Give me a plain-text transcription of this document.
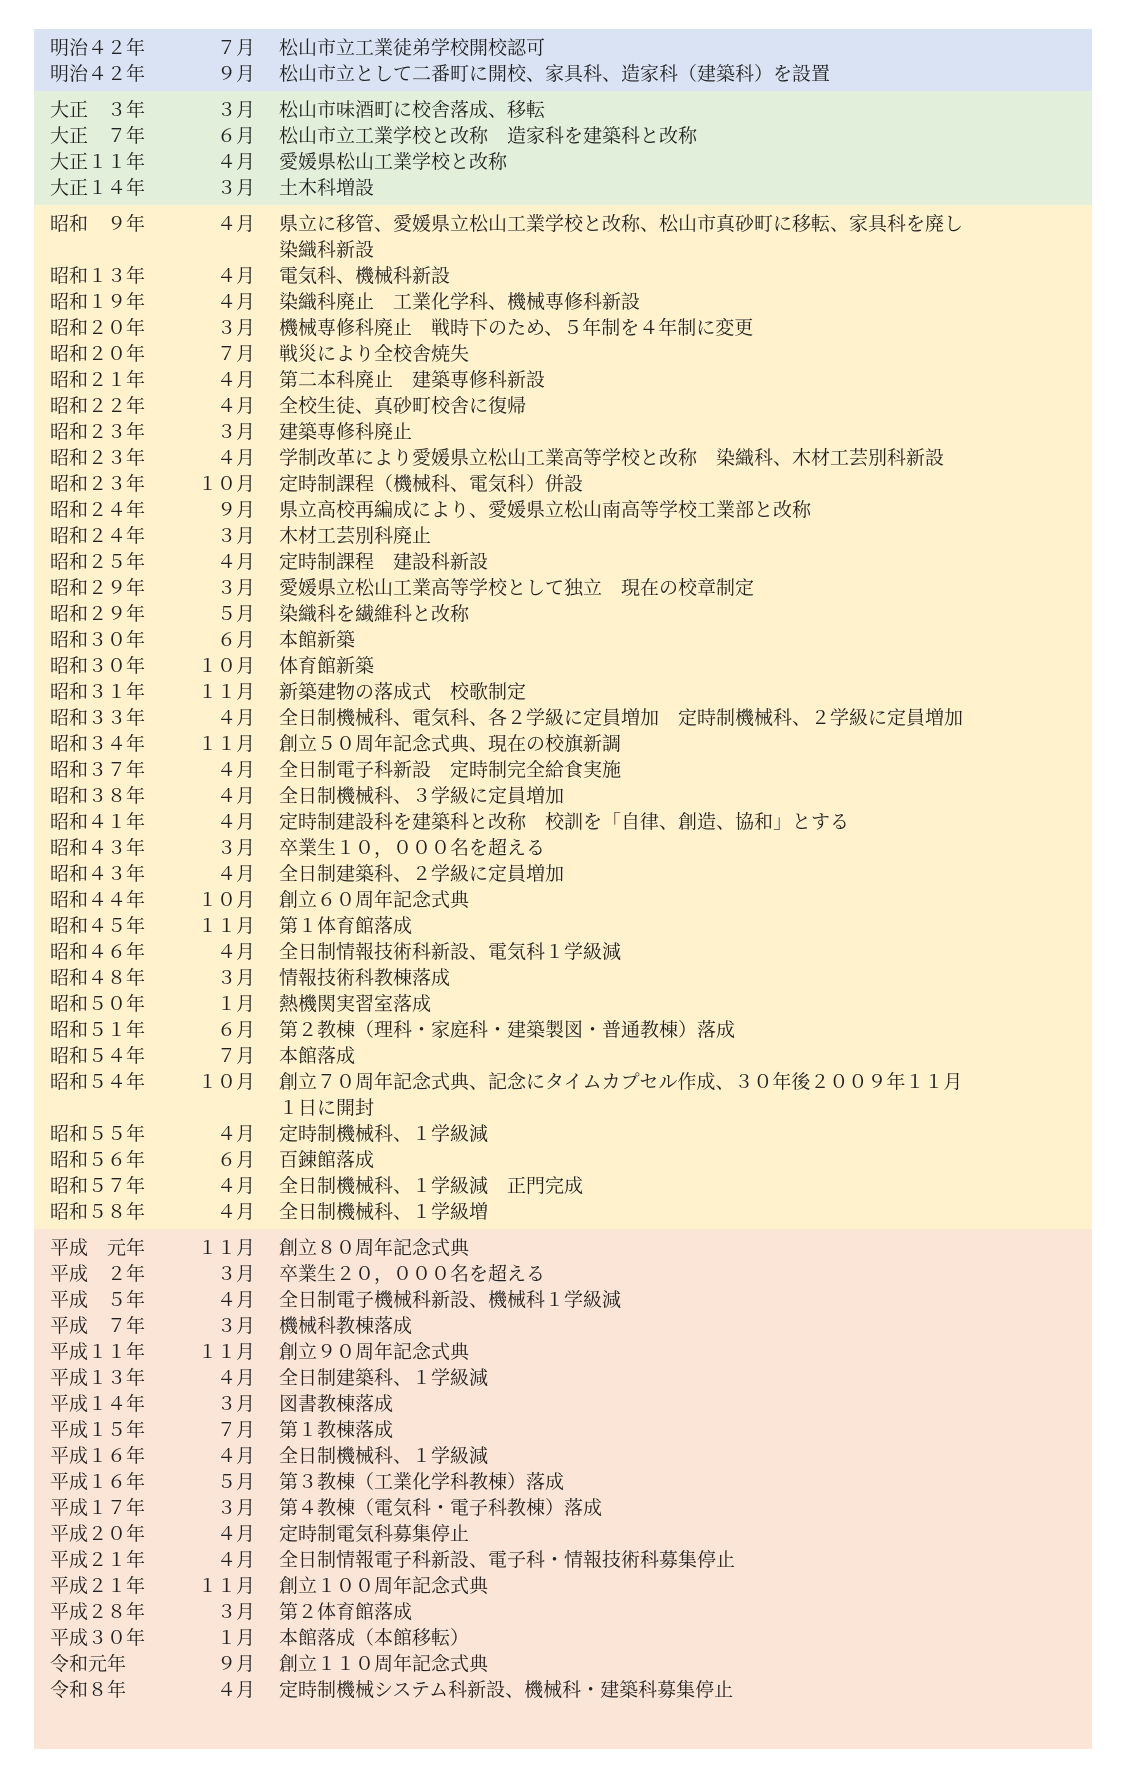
明治４２年	７月	松山市立工業徒弟学校開校認可
明治４２年	９月	松山市立として二番町に開校、家具科、造家科（建築科）を設置
大正　３年	３月	松山市味酒町に校舎落成、移転
大正　７年	６月	松山市立工業学校と改称　造家科を建築科と改称
大正１１年	４月	愛媛県松山工業学校と改称
大正１４年	３月	土木科増設
昭和　９年	４月	県立に移管、愛媛県立松山工業学校と改称、松山市真砂町に移転、家具科を廃し
染織科新設
昭和１３年	４月	電気科、機械科新設
昭和１９年	４月	染織科廃止　工業化学科、機械専修科新設
昭和２０年	３月	機械専修科廃止　戦時下のため、５年制を４年制に変更
昭和２０年	７月	戦災により全校舎焼失
昭和２１年	４月	第二本科廃止　建築専修科新設
昭和２２年	４月	全校生徒、真砂町校舎に復帰
昭和２３年	３月	建築専修科廃止
昭和２３年	４月	学制改革により愛媛県立松山工業高等学校と改称　染織科、木材工芸別科新設
昭和２３年	１０月	定時制課程（機械科、電気科）併設
昭和２４年	９月	県立高校再編成により、愛媛県立松山南高等学校工業部と改称
昭和２４年	３月	木材工芸別科廃止
昭和２５年	４月	定時制課程　建設科新設
昭和２９年	３月	愛媛県立松山工業高等学校として独立　現在の校章制定
昭和２９年	５月	染織科を繊維科と改称
昭和３０年	６月	本館新築
昭和３０年	１０月	体育館新築
昭和３１年	１１月	新築建物の落成式　校歌制定
昭和３３年	４月	全日制機械科、電気科、各２学級に定員増加　定時制機械科、２学級に定員増加
昭和３４年	１１月	創立５０周年記念式典、現在の校旗新調
昭和３７年	４月	全日制電子科新設　定時制完全給食実施
昭和３８年	４月	全日制機械科、３学級に定員増加
昭和４１年	４月	定時制建設科を建築科と改称　校訓を「自律、創造、協和」とする
昭和４３年	３月	卒業生１０，０００名を超える
昭和４３年	４月	全日制建築科、２学級に定員増加
昭和４４年	１０月	創立６０周年記念式典
昭和４５年	１１月	第１体育館落成
昭和４６年	４月	全日制情報技術科新設、電気科１学級減
昭和４８年	３月	情報技術科教棟落成
昭和５０年	１月	熱機関実習室落成
昭和５１年	６月	第２教棟（理科・家庭科・建築製図・普通教棟）落成
昭和５４年	７月	本館落成
昭和５４年	１０月	創立７０周年記念式典、記念にタイムカプセル作成、３０年後２００９年１１月
１日に開封
昭和５５年	４月	定時制機械科、１学級減
昭和５６年	６月	百錬館落成
昭和５７年	４月	全日制機械科、１学級減　正門完成
昭和５８年	４月	全日制機械科、１学級増
平成　元年	１１月	創立８０周年記念式典
平成　２年	３月	卒業生２０，０００名を超える
平成　５年	４月	全日制電子機械科新設、機械科１学級減
平成　７年	３月	機械科教棟落成
平成１１年	１１月	創立９０周年記念式典
平成１３年	４月	全日制建築科、１学級減
平成１４年	３月	図書教棟落成
平成１５年	７月	第１教棟落成
平成１６年	４月	全日制機械科、１学級減
平成１６年	５月	第３教棟（工業化学科教棟）落成
平成１７年	３月	第４教棟（電気科・電子科教棟）落成
平成２０年	４月	定時制電気科募集停止
平成２１年	４月	全日制情報電子科新設、電子科・情報技術科募集停止
平成２１年	１１月	創立１００周年記念式典
平成２８年	３月	第２体育館落成
平成３０年	１月	本館落成（本館移転）
令和元年	９月	創立１１０周年記念式典
令和８年	４月	定時制機械システム科新設、機械科・建築科募集停止
